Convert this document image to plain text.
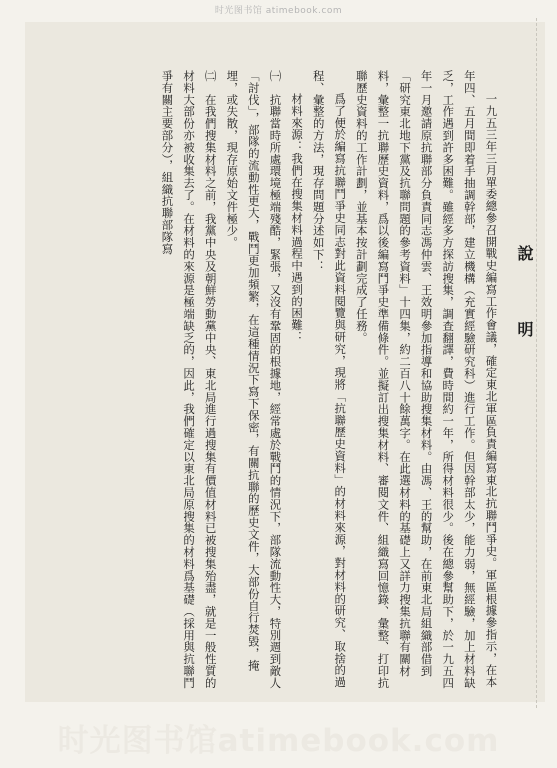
时光图书馆 atimebook.com
說　明

一九五三年三月單委總參召開戰史編寫工作會議，確定東北軍區負責編寫東北抗聯鬥爭史。軍區根據參指示，在本年四、五月間即着手抽調幹部，建立機構（充實經驗研究科）進行工作。但因幹部太少，能力弱，無經驗，加上材料缺乏，工作遇到許多困難。雖經多方探訪搜集，調查翻譯，費時間約一年，所得材料很少。後在總參幫助下，於一九五四年一月邀請原抗聯部分負責同志馮仲雲、王效明參加指導和協助搜集材料。由馮、王的幫助，在前東北局組織部借到「研究東北地下黨及抗聯問題的參考資料」十四集，約二百八十餘萬字。在此選材料的基礎上又詳力搜集抗聯有關材料，彙整一抗聯歷史資料，爲以後編寫鬥爭史準備條件。並擬訂出搜集材料、審閱文件、組織寫回憶錄、彙整、打印抗聯歷史資料的工作計劃，並基本按計劃完成了任務。

爲了便於編寫抗聯鬥爭史同志對此資料閱覽與研究，現將「抗聯歷史資料」的材料來源，對材料的研究、取捨的過程、彙整的方法，現存問題分述如下：

材料來源：我們在搜集材料過程中遇到的困難：

㈠　抗聯當時所處環境極端殘酷，緊張，又沒有鞏固的根據地，經常處於戰鬥的情況下，部隊流動性大，特別週到敵人「討伐」，部隊的流動性更大，戰鬥更加頻繁，在這種情況下寫下保密，有關抗聯的歷史文件，大部份自行焚毀，掩埋，或失散，現存原始文件極少。

㈡　在我們搜集材料之前，我黨中央及朝鮮勞動黨中央、東北局進行過搜集有價值材料已被搜集殆盡，就是一般性質的材料大部份亦被收集去了。在材料的來源是極端缺乏的，因此，我們確定以東北局原搜集的材料爲基礎（採用與抗聯鬥爭有關主要部分），組織抗聯部隊寫

时光图书馆atimebook.com
